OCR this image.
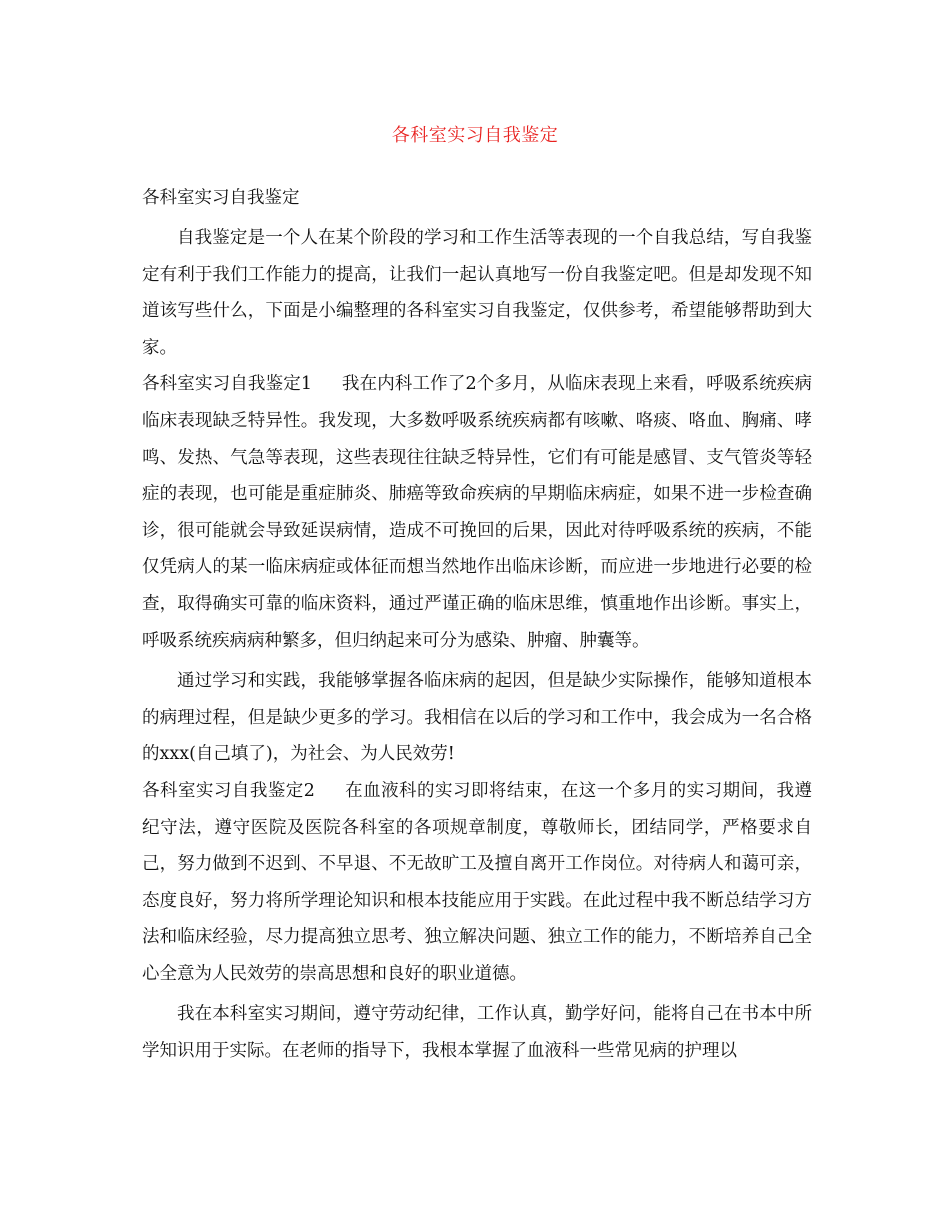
各科室实习自我鉴定

各科室实习自我鉴定

自我鉴定是一个人在某个阶段的学习和工作生活等表现的一个自我总结，写自我鉴定有利于我们工作能力的提高，让我们一起认真地写一份自我鉴定吧。但是却发现不知道该写些什么，下面是小编整理的各科室实习自我鉴定，仅供参考，希望能够帮助到大家。

各科室实习自我鉴定1 我在内科工作了2个多月，从临床表现上来看，呼吸系统疾病临床表现缺乏特异性。我发现，大多数呼吸系统疾病都有咳嗽、咯痰、咯血、胸痛、哮鸣、发热、气急等表现，这些表现往往缺乏特异性，它们有可能是感冒、支气管炎等轻症的表现，也可能是重症肺炎、肺癌等致命疾病的早期临床病症，如果不进一步检查确诊，很可能就会导致延误病情，造成不可挽回的后果，因此对待呼吸系统的疾病，不能仅凭病人的某一临床病症或体征而想当然地作出临床诊断，而应进一步地进行必要的检查，取得确实可靠的临床资料，通过严谨正确的临床思维，慎重地作出诊断。事实上，呼吸系统疾病病种繁多，但归纳起来可分为感染、肿瘤、肿囊等。

通过学习和实践，我能够掌握各临床病的起因，但是缺少实际操作，能够知道根本的病理过程，但是缺少更多的学习。我相信在以后的学习和工作中，我会成为一名合格的xxx(自己填了)，为社会、为人民效劳!

各科室实习自我鉴定2 在血液科的实习即将结束，在这一个多月的实习期间，我遵纪守法，遵守医院及医院各科室的各项规章制度，尊敬师长，团结同学，严格要求自己，努力做到不迟到、不早退、不无故旷工及擅自离开工作岗位。对待病人和蔼可亲，态度良好，努力将所学理论知识和根本技能应用于实践。在此过程中我不断总结学习方法和临床经验，尽力提高独立思考、独立解决问题、独立工作的能力，不断培养自己全心全意为人民效劳的崇高思想和良好的职业道德。

我在本科室实习期间，遵守劳动纪律，工作认真，勤学好问，能将自己在书本中所学知识用于实际。在老师的指导下，我根本掌握了血液科一些常见病的护理以
